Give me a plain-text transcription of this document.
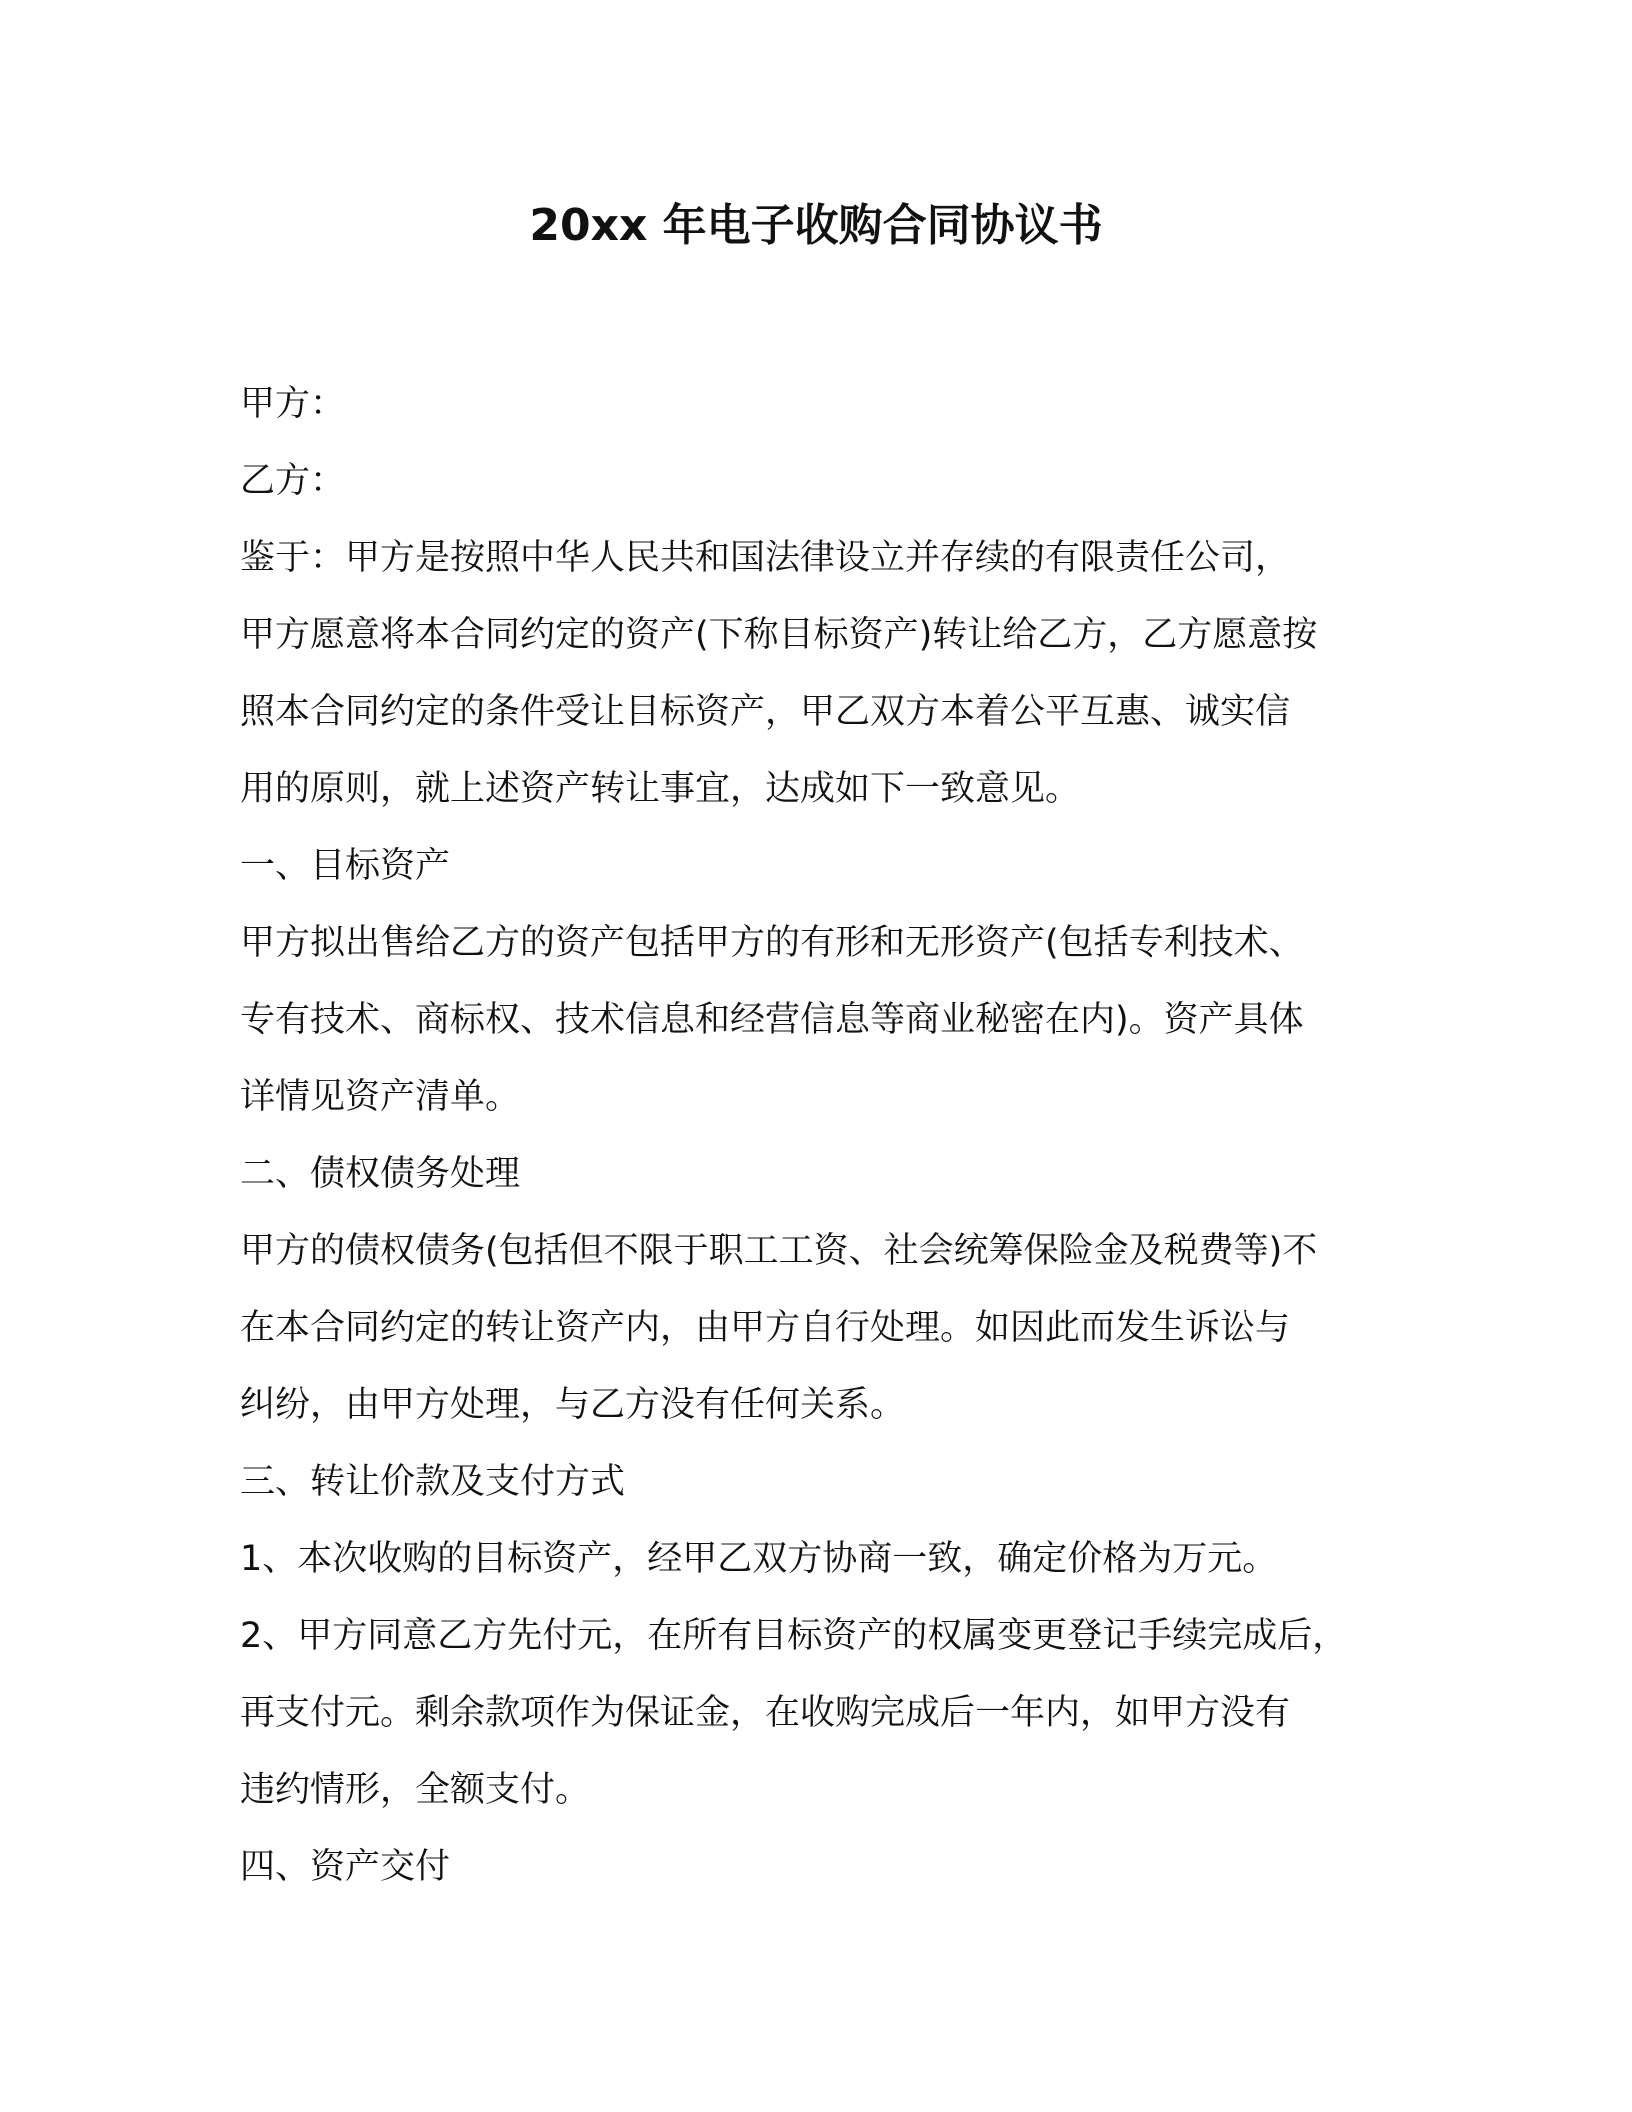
20xx 年电子收购合同协议书
甲方：
乙方：
鉴于：甲方是按照中华人民共和国法律设立并存续的有限责任公司，
甲方愿意将本合同约定的资产(下称目标资产)转让给乙方，乙方愿意按
照本合同约定的条件受让目标资产，甲乙双方本着公平互惠、诚实信
用的原则，就上述资产转让事宜，达成如下一致意见。
一、目标资产
甲方拟出售给乙方的资产包括甲方的有形和无形资产(包括专利技术、
专有技术、商标权、技术信息和经营信息等商业秘密在内)。资产具体
详情见资产清单。
二、债权债务处理
甲方的债权债务(包括但不限于职工工资、社会统筹保险金及税费等)不
在本合同约定的转让资产内，由甲方自行处理。如因此而发生诉讼与
纠纷，由甲方处理，与乙方没有任何关系。
三、转让价款及支付方式
1、本次收购的目标资产，经甲乙双方协商一致，确定价格为万元。
2、甲方同意乙方先付元，在所有目标资产的权属变更登记手续完成后，
再支付元。剩余款项作为保证金，在收购完成后一年内，如甲方没有
违约情形，全额支付。
四、资产交付
